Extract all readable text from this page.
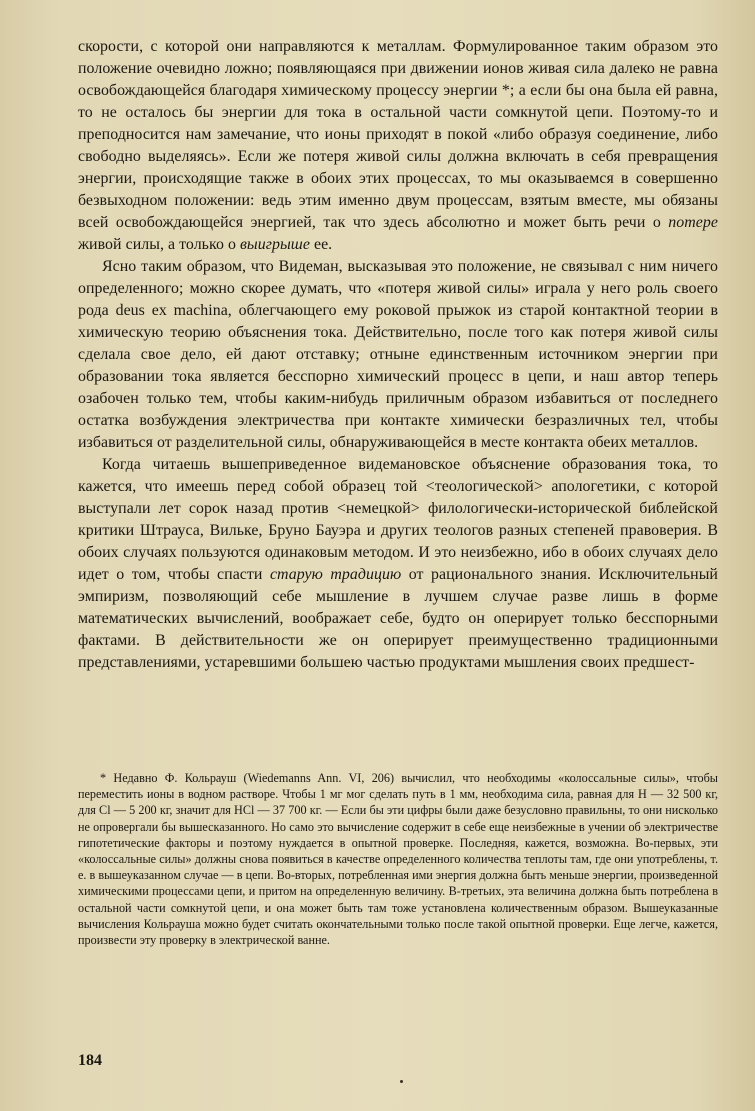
скорости, с которой они направляются к металлам. Формулированное таким образом это положение очевидно ложно; появляющаяся при движении ионов живая сила далеко не равна освобождающейся благодаря химическому процессу энергии *; а если бы она была ей равна, то не осталось бы энергии для тока в остальной части сомкнутой цепи. Поэтому-то и преподносится нам замечание, что ионы приходят в покой «либо образуя соединение, либо свободно выделяясь». Если же потеря живой силы должна включать в себя превращения энергии, происходящие также в обоих этих процессах, то мы оказываемся в совершенно безвыходном положении: ведь этим именно двум процессам, взятым вместе, мы обязаны всей освобождающейся энергией, так что здесь абсолютно и может быть речи о потере живой силы, а только о выигрыше ее.

Ясно таким образом, что Видеман, высказывая это положение, не связывал с ним ничего определенного; можно скорее думать, что «потеря живой силы» играла у него роль своего рода deus ex machina, облегчающего ему роковой прыжок из старой контактной теории в химическую теорию объяснения тока. Действительно, после того как потеря живой силы сделала свое дело, ей дают отставку; отныне единственным источником энергии при образовании тока является бесспорно химический процесс в цепи, и наш автор теперь озабочен только тем, чтобы каким-нибудь приличным образом избавиться от последнего остатка возбуждения электричества при контакте химически безразличных тел, чтобы избавиться от разделительной силы, обнаруживающейся в месте контакта обеих металлов.

Когда читаешь вышеприведенное видемановское объяснение образования тока, то кажется, что имеешь перед собой образец той <теологической> апологетики, с которой выступали лет сорок назад против <немецкой> филологически-исторической библейской критики Штрауса, Вильке, Бруно Бауэра и других теологов разных степеней правоверия. В обоих случаях пользуются одинаковым методом. И это неизбежно, ибо в обоих случаях дело идет о том, чтобы спасти старую традицию от рационального знания. Исключительный эмпиризм, позволяющий себе мышление в лучшем случае разве лишь в форме математических вычислений, воображает себе, будто он оперирует только бесспорными фактами. В действительности же он оперирует преимущественно традиционными представлениями, устаревшими большею частью продуктами мышления своих предшест-

* Недавно Ф. Кольрауш (Wiedemanns Ann. VI, 206) вычислил, что необходимы «колоссальные силы», чтобы переместить ионы в водном растворе. Чтобы 1 мг мог сделать путь в 1 мм, необходима сила, равная для Н — 32 500 кг, для Cl — 5 200 кг, значит для HCl — 37 700 кг. — Если бы эти цифры были даже безусловно правильны, то они нисколько не опровергали бы вышесказанного. Но само это вычисление содержит в себе еще неизбежные в учении об электричестве гипотетические факторы и поэтому нуждается в опытной проверке. Последняя, кажется, возможна. Во-первых, эти «колоссальные силы» должны снова появиться в качестве определенного количества теплоты там, где они употреблены, т. е. в вышеуказанном случае — в цепи. Во-вторых, потребленная ими энергия должна быть меньше энергии, произведенной химическими процессами цепи, и притом на определенную величину. В-третьих, эта величина должна быть потреблена в остальной части сомкнутой цепи, и она может быть там тоже установлена количественным образом. Вышеуказанные вычисления Кольрауша можно будет считать окончательными только после такой опытной проверки. Еще легче, кажется, произвести эту проверку в электрической ванне.

184
